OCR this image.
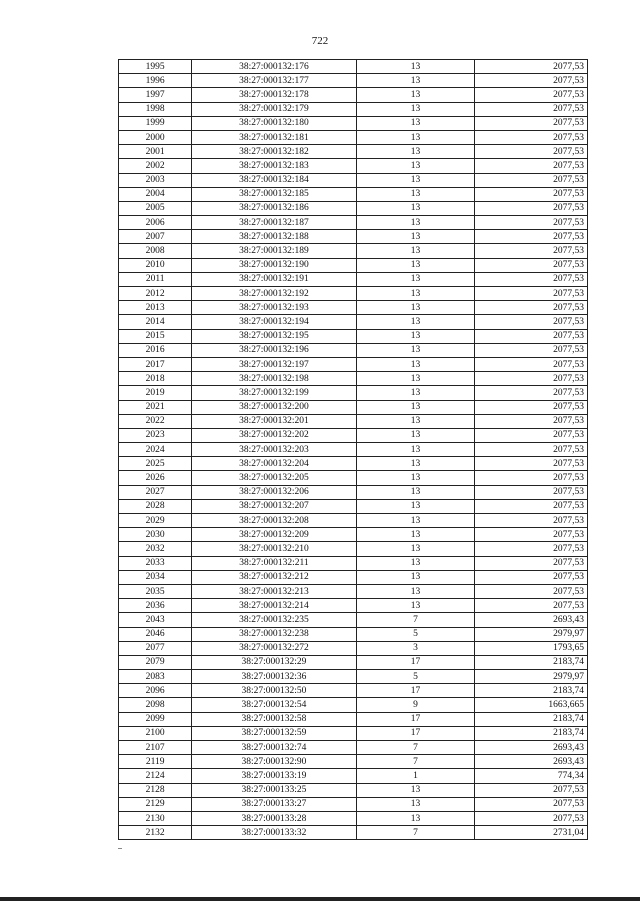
722
1995	38:27:000132:176	13	2077,53
1996	38:27:000132:177	13	2077,53
1997	38:27:000132:178	13	2077,53
1998	38:27:000132:179	13	2077,53
1999	38:27:000132:180	13	2077,53
2000	38:27:000132:181	13	2077,53
2001	38:27:000132:182	13	2077,53
2002	38:27:000132:183	13	2077,53
2003	38:27:000132:184	13	2077,53
2004	38:27:000132:185	13	2077,53
2005	38:27:000132:186	13	2077,53
2006	38:27:000132:187	13	2077,53
2007	38:27:000132:188	13	2077,53
2008	38:27:000132:189	13	2077,53
2010	38:27:000132:190	13	2077,53
2011	38:27:000132:191	13	2077,53
2012	38:27:000132:192	13	2077,53
2013	38:27:000132:193	13	2077,53
2014	38:27:000132:194	13	2077,53
2015	38:27:000132:195	13	2077,53
2016	38:27:000132:196	13	2077,53
2017	38:27:000132:197	13	2077,53
2018	38:27:000132:198	13	2077,53
2019	38:27:000132:199	13	2077,53
2021	38:27:000132:200	13	2077,53
2022	38:27:000132:201	13	2077,53
2023	38:27:000132:202	13	2077,53
2024	38:27:000132:203	13	2077,53
2025	38:27:000132:204	13	2077,53
2026	38:27:000132:205	13	2077,53
2027	38:27:000132:206	13	2077,53
2028	38:27:000132:207	13	2077,53
2029	38:27:000132:208	13	2077,53
2030	38:27:000132:209	13	2077,53
2032	38:27:000132:210	13	2077,53
2033	38:27:000132:211	13	2077,53
2034	38:27:000132:212	13	2077,53
2035	38:27:000132:213	13	2077,53
2036	38:27:000132:214	13	2077,53
2043	38:27:000132:235	7	2693,43
2046	38:27:000132:238	5	2979,97
2077	38:27:000132:272	3	1793,65
2079	38:27:000132:29	17	2183,74
2083	38:27:000132:36	5	2979,97
2096	38:27:000132:50	17	2183,74
2098	38:27:000132:54	9	1663,665
2099	38:27:000132:58	17	2183,74
2100	38:27:000132:59	17	2183,74
2107	38:27:000132:74	7	2693,43
2119	38:27:000132:90	7	2693,43
2124	38:27:000133:19	1	774,34
2128	38:27:000133:25	13	2077,53
2129	38:27:000133:27	13	2077,53
2130	38:27:000133:28	13	2077,53
2132	38:27:000133:32	7	2731,04
